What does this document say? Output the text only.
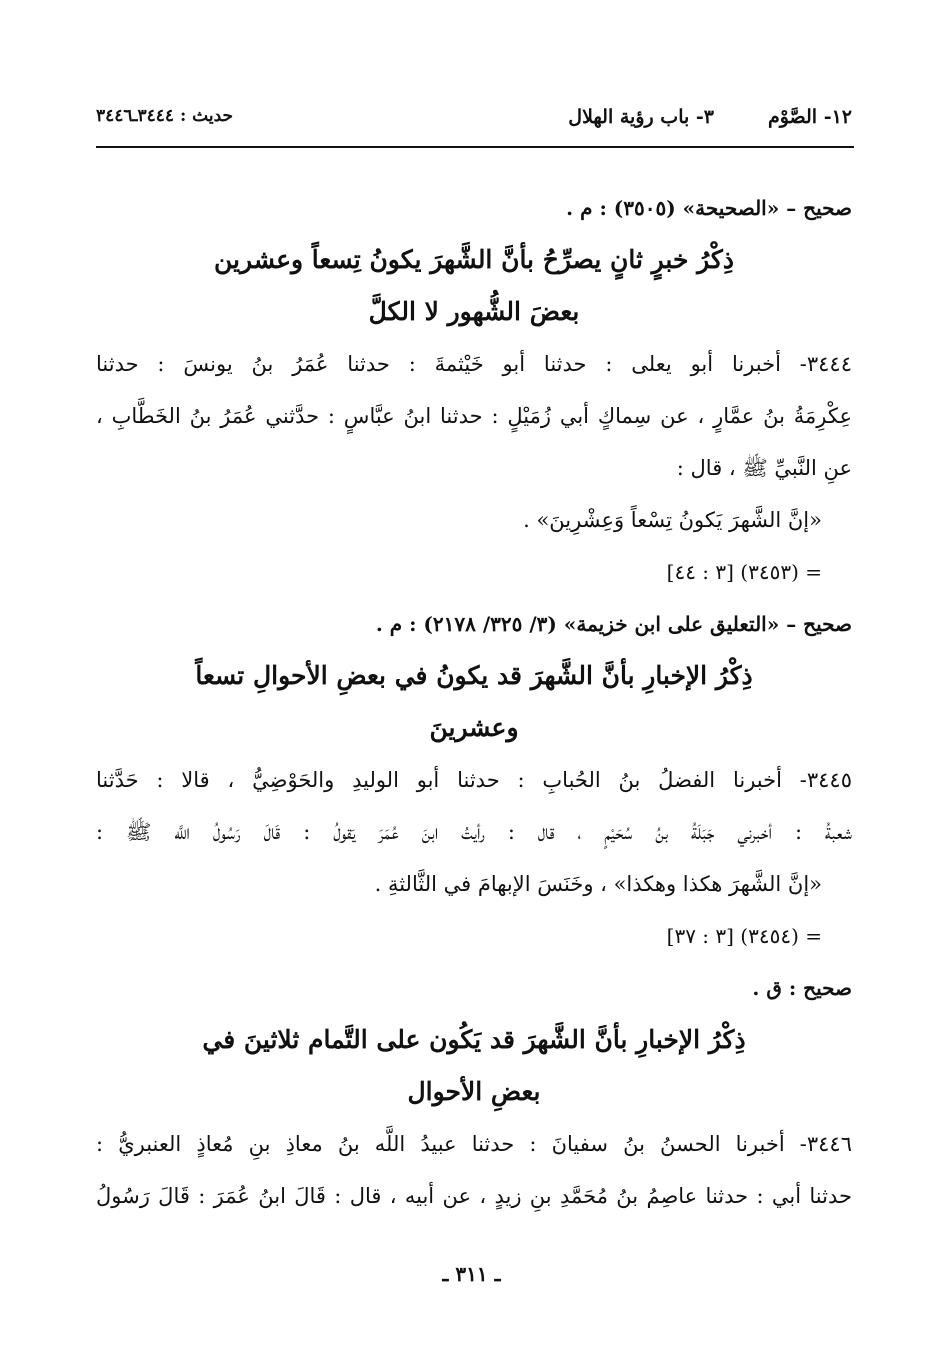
١٢- الصَّوْم
٣- باب رؤية الهلال
حديث : ٣٤٤٤ـ٣٤٤٦
صحيح – «الصحيحة» (٣٥٠٥) : م .
ذِكْرُ خبرٍ ثانٍ يصرِّحُ بأنَّ الشَّهرَ يكونُ تِسعاً وعشرين
بعضَ الشُّهور لا الكلَّ
٣٤٤٤- أخبرنا أبو يعلى : حدثنا أبو خَيْثمةَ : حدثنا عُمَرُ بنُ يونسَ : حدثنا
عِكْرِمَةُ بنُ عمَّارٍ ، عن سِماكٍ أبي زُمَيْلٍ : حدثنا ابنُ عبَّاسٍ : حدَّثني عُمَرُ بنُ الخَطَّابِ ،
عنِ النَّبيِّ ﷺ ، قال :
«إنَّ الشَّهرَ يَكونُ تِسْعاً وَعِشْرِينَ» .
= (٣٤٥٣) [٣ : ٤٤]
صحيح – «التعليق على ابن خزيمة» (٣/ ٣٢٥/ ٢١٧٨) : م .
ذِكْرُ الإخبارِ بأنَّ الشَّهرَ قد يكونُ في بعضِ الأحوالِ تسعاً
وعشرينَ
٣٤٤٥- أخبرنا الفضلُ بنُ الحُبابِ : حدثنا أبو الوليدِ والحَوْضِيُّ ، قالا : حَدَّثنا
شعبةُ : أخبرني جَبَلَةُ بنُ سُحَيْمٍ ، قال : رأيتُ ابنَ عُمَرَ يَقولُ : قَالَ رَسُولُ اللَّه ﷺ :
«إنَّ الشَّهرَ هكذا وهكذا» ، وخَنَسَ الإبهامَ في الثَّالثةِ .
= (٣٤٥٤) [٣ : ٣٧]
صحيح : ق .
ذِكْرُ الإخبارِ بأنَّ الشَّهرَ قد يَكُون على التَّمام ثلاثينَ في
بعضِ الأحوال
٣٤٤٦- أخبرنا الحسنُ بنُ سفيانَ : حدثنا عبيدُ اللَّه بنُ معاذِ بنِ مُعاذٍ العنبريُّ :
حدثنا أبي : حدثنا عاصِمُ بنُ مُحَمَّدِ بنِ زيدٍ ، عن أبيه ، قال : قَالَ ابنُ عُمَرَ : قَالَ رَسُولُ
ـ ٣١١ ـ
